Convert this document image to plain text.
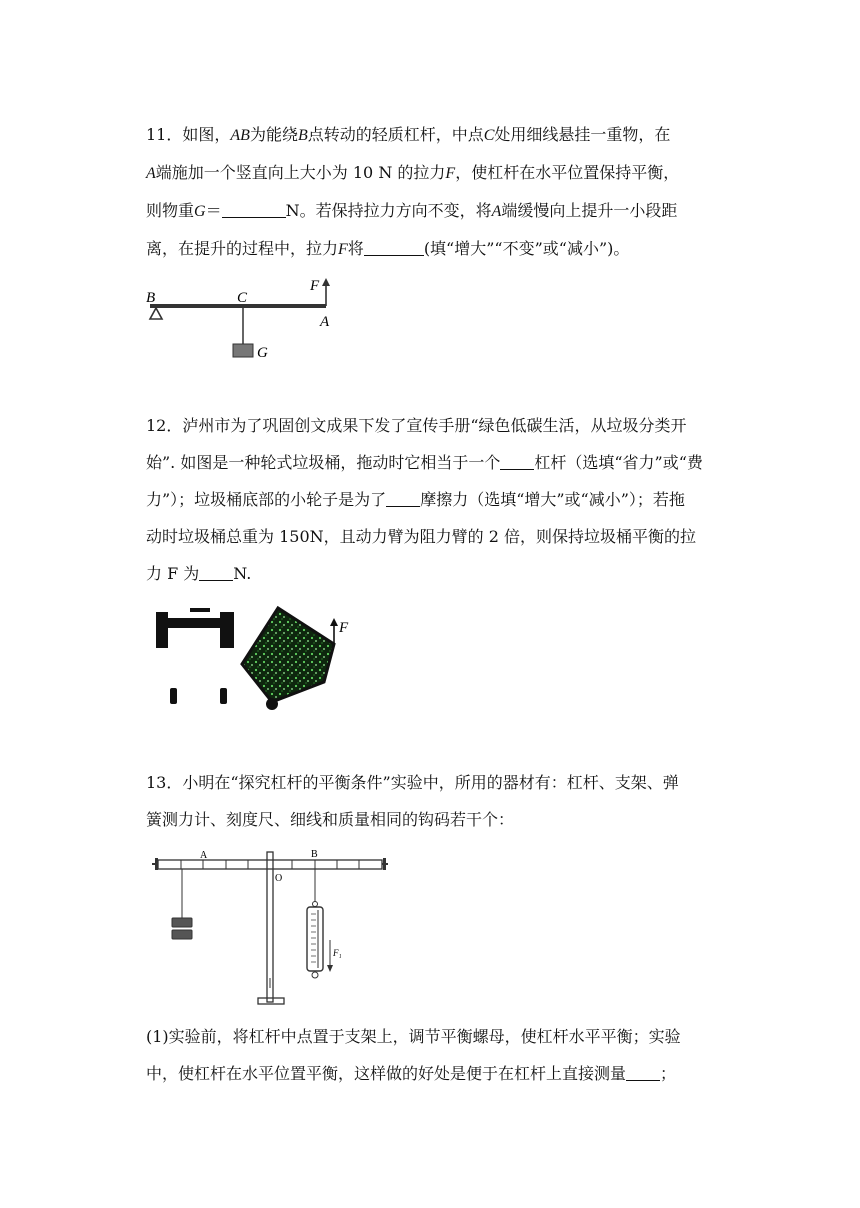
11．如图，AB为能绕B点转动的轻质杠杆，中点C处用细线悬挂一重物，在

A端施加一个竖直向上大小为 10 N 的拉力F，使杠杆在水平位置保持平衡，

则物重G＝	N。若保持拉力方向不变，将A端缓慢向上提升一小段距

离，在提升的过程中，拉力F将	(填“增大”“不变”或“减小”)。

B	C
F
A
G

12．泸州市为了巩固创文成果下发了宣传手册“绿色低碳生活，从垃圾分类开

始”. 如图是一种轮式垃圾桶，拖动时它相当于一个 杠杆（选填“省力”或“费

力”）；垃圾桶底部的小轮子是为了 摩擦力（选填“增大”或“减小”）；若拖

动时垃圾桶总重为 150N，且动力臂为阻力臂的 2 倍，则保持垃圾桶平衡的拉

力 F 为 N.

F

13．小明在“探究杠杆的平衡条件”实验中，所用的器材有：杠杆、支架、弹

簧测力计、刻度尺、细线和质量相同的钩码若干个：

A	B
O
F₁

(1)实验前，将杠杆中点置于支架上，调节平衡螺母，使杠杆水平平衡；实验

中，使杠杆在水平位置平衡，这样做的好处是便于在杠杆上直接测量 ；
